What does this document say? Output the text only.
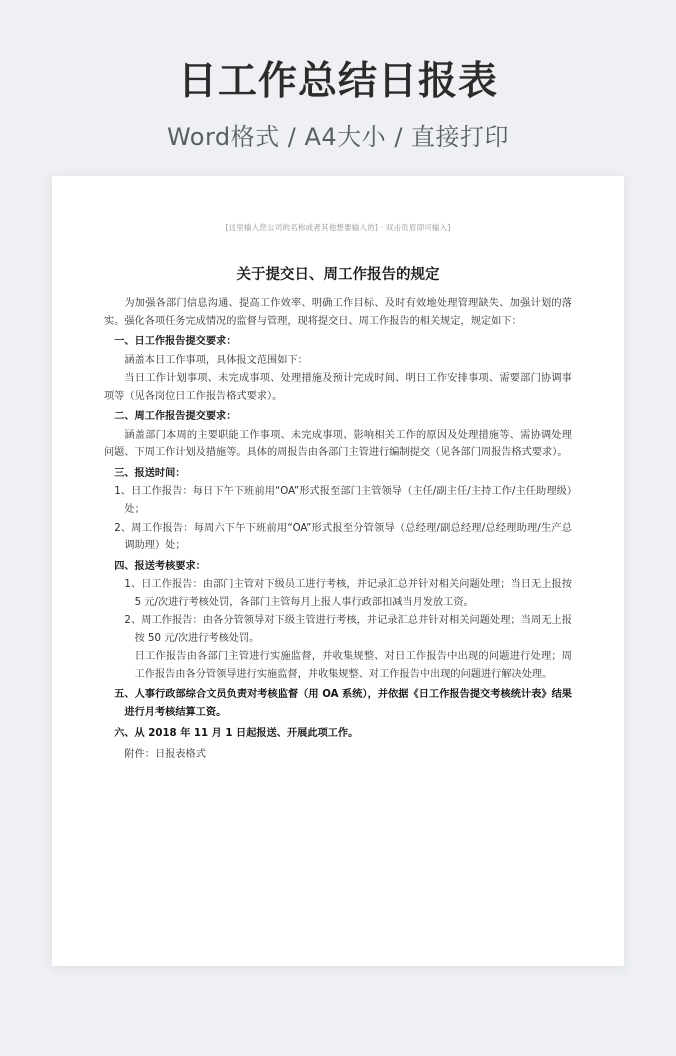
日工作总结日报表
Word格式 / A4大小 / 直接打印
[这里输入您公司的名称或者其他想要输入的] · 双击页眉即可输入]
关于提交日、周工作报告的规定

为加强各部门信息沟通、提高工作效率、明确工作目标、及时有效地处理管理缺失、加强计划的落实。强化各项任务完成情况的监督与管理，现将提交日、周工作报告的相关规定，规定如下：

一、日工作报告提交要求：

涵盖本日工作事项，具体报文范围如下：

当日工作计划事项、未完成事项、处理措施及预计完成时间、明日工作安排事项、需要部门协调事项等（见各岗位日工作报告格式要求）。

二、周工作报告提交要求：

涵盖部门本周的主要职能工作事项、未完成事项、影响相关工作的原因及处理措施等、需协调处理问题、下周工作计划及措施等。具体的周报告由各部门主管进行编制提交（见各部门周报告格式要求）。

三、报送时间：

1、日工作报告：每日下午下班前用“OA”形式报至部门主管领导（主任/副主任/主持工作/主任助理级）处；

2、周工作报告：每周六下午下班前用“OA”形式报至分管领导（总经理/副总经理/总经理助理/生产总调助理）处；

四、报送考核要求：

1、日工作报告：由部门主管对下级员工进行考核，并记录汇总并针对相关问题处理；当日无上报按 5 元/次进行考核处罚，各部门主管每月上报人事行政部扣减当月发放工资。

2、周工作报告：由各分管领导对下级主管进行考核，并记录汇总并针对相关问题处理；当周无上报按 50 元/次进行考核处罚。

日工作报告由各部门主管进行实施监督，并收集规整、对日工作报告中出现的问题进行处理；周工作报告由各分管领导进行实施监督，并收集规整、对工作报告中出现的问题进行解决处理。

五、人事行政部综合文员负责对考核监督（用 OA 系统），并依据《日工作报告提交考核统计表》结果进行月考核结算工资。

六、从 2018 年 11 月 1 日起报送、开展此项工作。

附件：日报表格式
